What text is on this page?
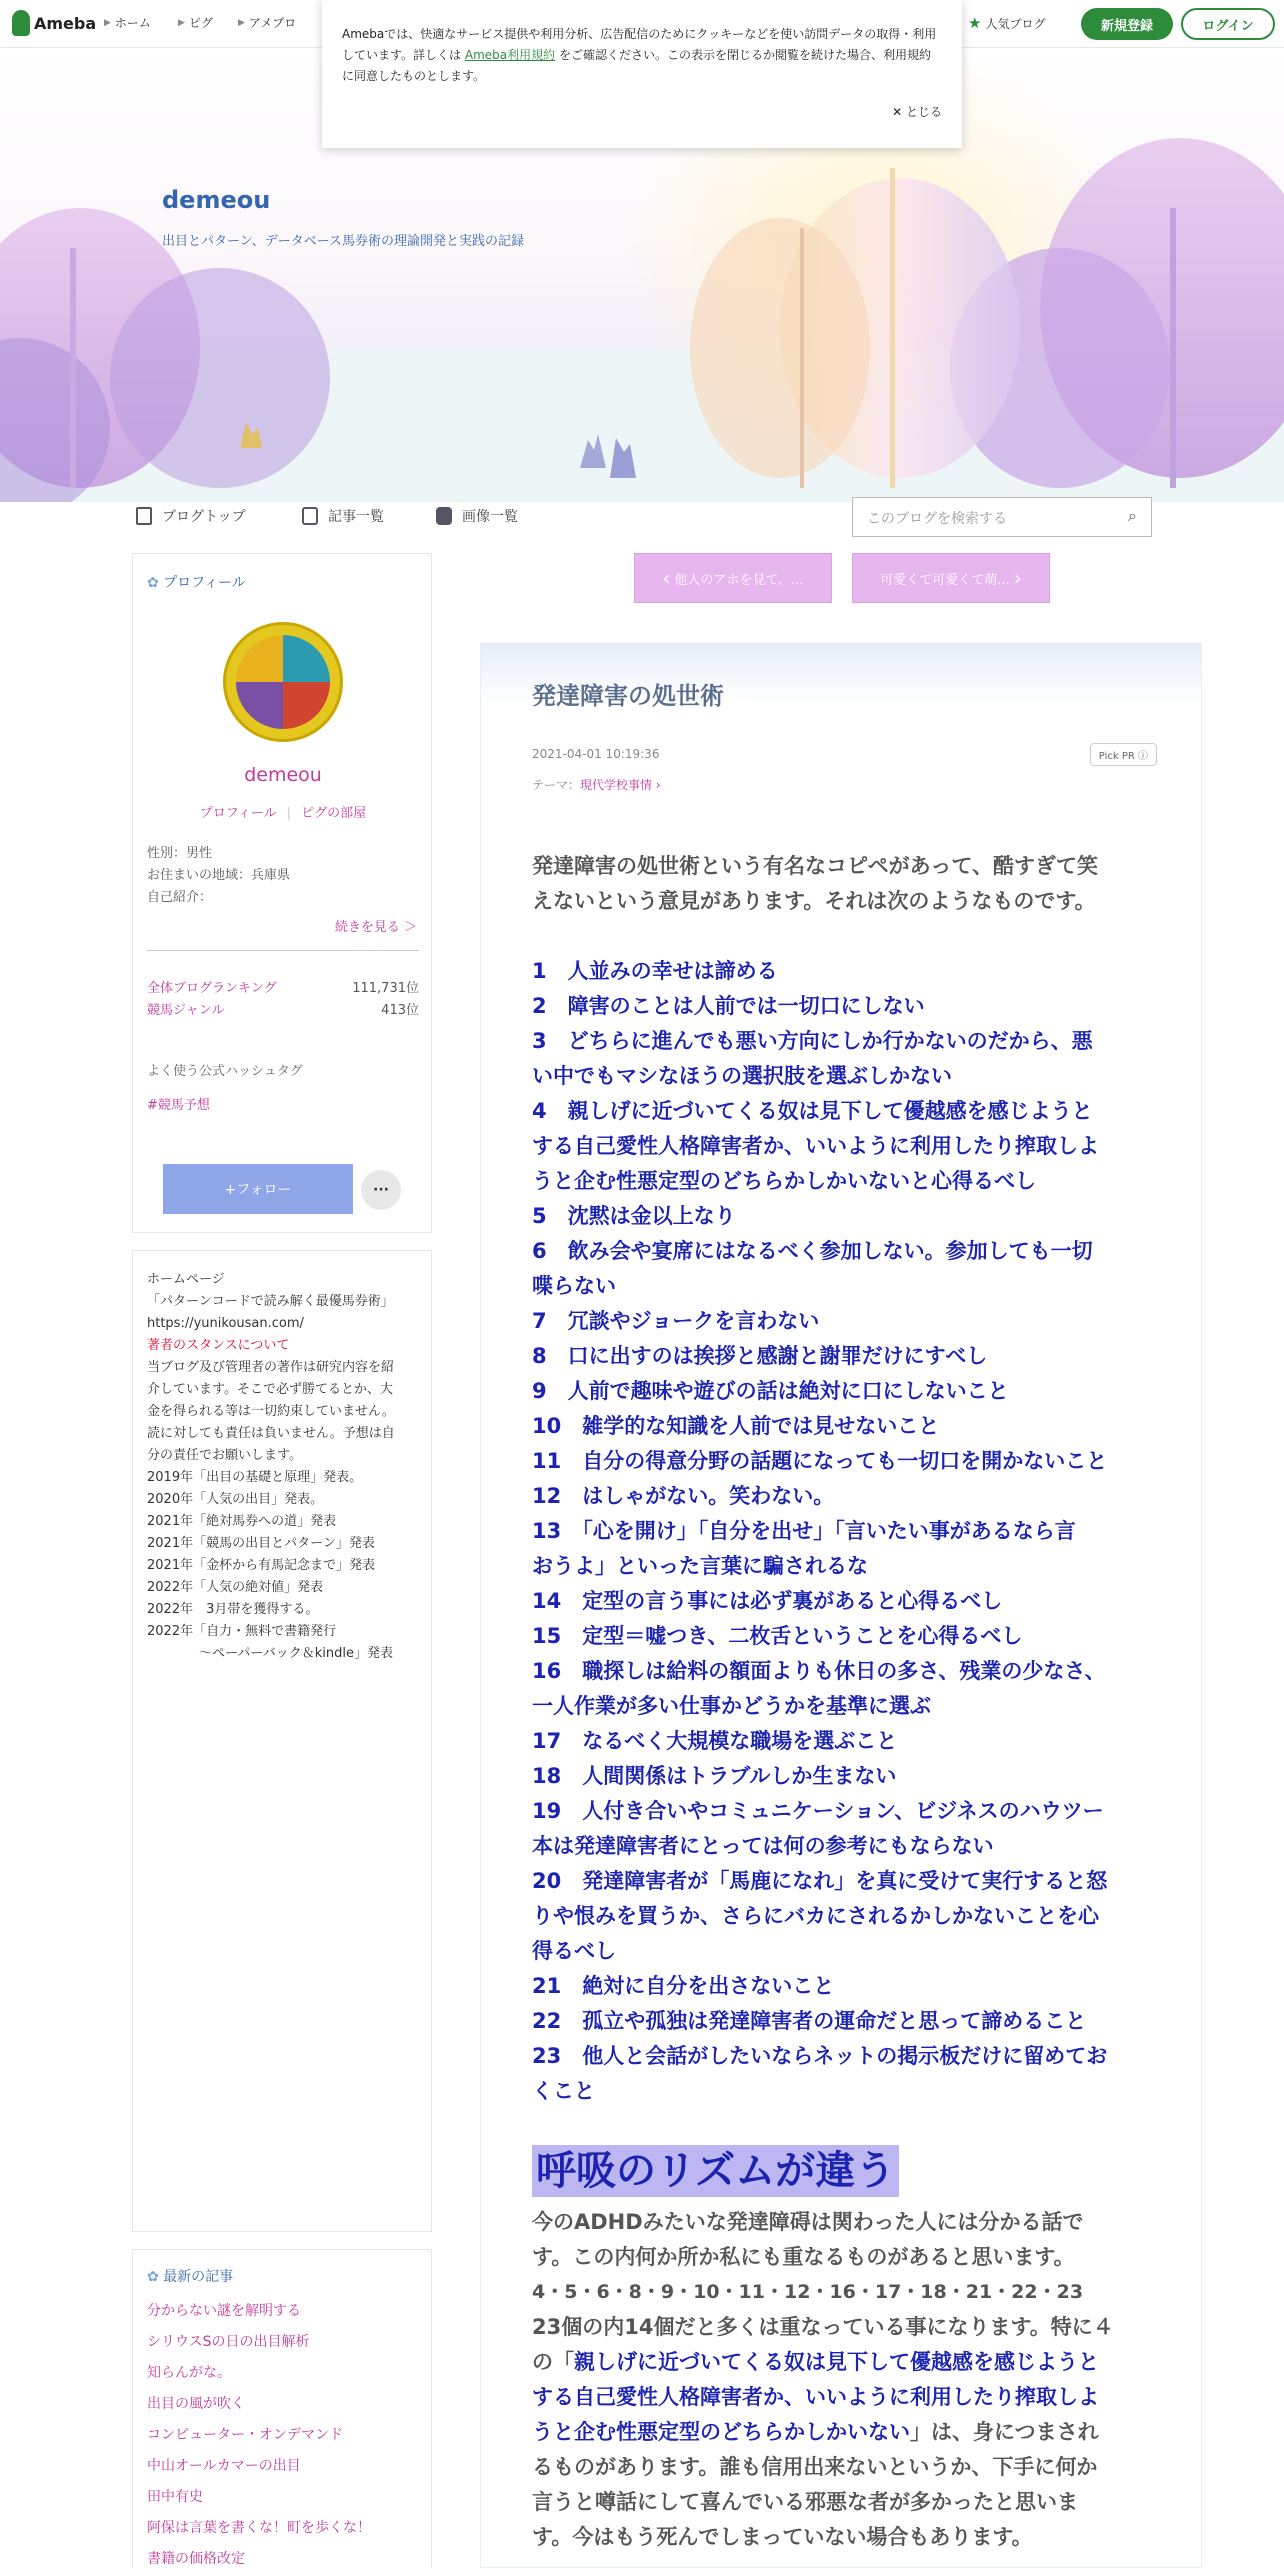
Ameba ▶ ホーム	▶ ピグ	▶ アメブロ	★ 人気ブログ	新規登録	ログイン
Amebaでは、快適なサービス提供や利用分析、広告配信のためにクッキーなどを使い訪問データの取得・利用しています。詳しくは Ameba利用規約 をご確認ください。この表示を閉じるか閲覧を続けた場合、利用規約に同意したものとします。
✕ とじる
demeou
出目とパターン、データベース馬券術の理論開発と実践の記録
ブログトップ	記事一覧	画像一覧	このブログを検索する	⌕
‹ 他人のアホを見て、...	可愛くて可愛くて萌... ›
✿ プロフィール
demeou
プロフィール | ピグの部屋
性別：男性
お住まいの地域：兵庫県
自己紹介：
続きを見る ＞
全体ブログランキング	111,731位
競馬ジャンル	413位
よく使う公式ハッシュタグ
#競馬予想
+フォロー	···
ホームページ
「パターンコードで読み解く最優馬券術」
https://yunikousan.com/
著者のスタンスについて
当ブログ及び管理者の著作は研究内容を紹
介しています。そこで必ず勝てるとか、大
金を得られる等は一切約束していません。
読に対しても責任は負いません。予想は自
分の責任でお願いします。
2019年「出目の基礎と原理」発表。
2020年「人気の出目」発表。
2021年「絶対馬券への道」発表
2021年「競馬の出目とパターン」発表
2021年「金杯から有馬記念まで」発表
2022年「人気の絶対値」発表
2022年　3月帯を獲得する。
2022年「自力・無料で書籍発行
　　　　～ペーパーバック＆kindle」発表
✿ 最新の記事
分からない謎を解明する
シリウスSの日の出目解析
知らんがな。
出目の風が吹く
コンピューター・オンデマンド
中山オールカマーの出目
田中有史
阿保は言葉を書くな！町を歩くな！
書籍の価格改定
発達障害の処世術
2021-04-01 10:19:36	Pick PR ⓘ
テーマ：現代学校事情 ›
発達障害の処世術という有名なコピペがあって、酷すぎて笑
えないという意見があります。それは次のようなものです。
1　人並みの幸せは諦める
2　障害のことは人前では一切口にしない
3　どちらに進んでも悪い方向にしか行かないのだから、悪
い中でもマシなほうの選択肢を選ぶしかない
4　親しげに近づいてくる奴は見下して優越感を感じようと
する自己愛性人格障害者か、いいように利用したり搾取しよ
うと企む性悪定型のどちらかしかいないと心得るべし
5　沈黙は金以上なり
6　飲み会や宴席にはなるべく参加しない。参加しても一切
喋らない
7　冗談やジョークを言わない
8　口に出すのは挨拶と感謝と謝罪だけにすべし
9　人前で趣味や遊びの話は絶対に口にしないこと
10　雑学的な知識を人前では見せないこと
11　自分の得意分野の話題になっても一切口を開かないこと
12　はしゃがない。笑わない。
13　「心を開け」「自分を出せ」「言いたい事があるなら言
おうよ」といった言葉に騙されるな
14　定型の言う事には必ず裏があると心得るべし
15　定型＝嘘つき、二枚舌ということを心得るべし
16　職探しは給料の額面よりも休日の多さ、残業の少なさ、
一人作業が多い仕事かどうかを基準に選ぶ
17　なるべく大規模な職場を選ぶこと
18　人間関係はトラブルしか生まない
19　人付き合いやコミュニケーション、ビジネスのハウツー
本は発達障害者にとっては何の参考にもならない
20　発達障害者が「馬鹿になれ」を真に受けて実行すると怒
りや恨みを買うか、さらにバカにされるかしかないことを心
得るべし
21　絶対に自分を出さないこと
22　孤立や孤独は発達障害者の運命だと思って諦めること
23　他人と会話がしたいならネットの掲示板だけに留めてお
くこと
呼吸のリズムが違う
今のADHDみたいな発達障碍は関わった人には分かる話で
す。この内何か所か私にも重なるものがあると思います。
4・5・6・8・9・10・11・12・16・17・18・21・22・23
23個の内14個だと多くは重なっている事になります。特に４
の「親しげに近づいてくる奴は見下して優越感を感じようと
する自己愛性人格障害者か、いいように利用したり搾取しよ
うと企む性悪定型のどちらかしかいない」は、身につまされ
るものがあります。誰も信用出来ないというか、下手に何か
言うと噂話にして喜んでいる邪悪な者が多かったと思いま
す。今はもう死んでしまっていない場合もあります。
